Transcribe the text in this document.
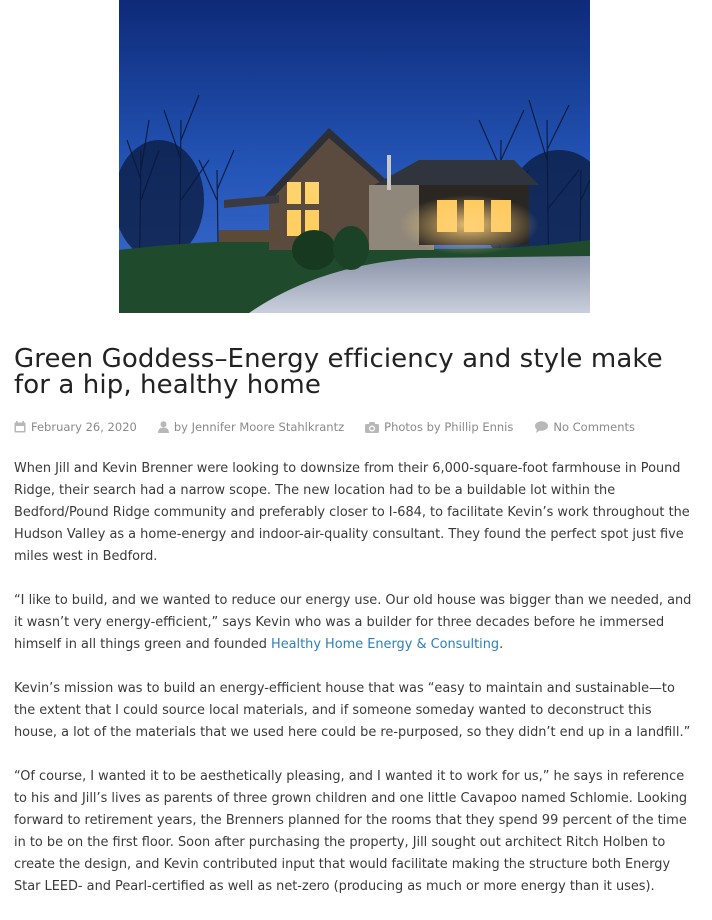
Green Goddess–Energy efficiency and style make for a hip, healthy home
February 26, 2020	by Jennifer Moore Stahlkrantz	Photos by Phillip Ennis	No Comments

When Jill and Kevin Brenner were looking to downsize from their 6,000-square-foot farmhouse in Pound Ridge, their search had a narrow scope. The new location had to be a buildable lot within the Bedford/Pound Ridge community and preferably closer to I-684, to facilitate Kevin’s work throughout the Hudson Valley as a home-energy and indoor-air-quality consultant. They found the perfect spot just five miles west in Bedford.

“I like to build, and we wanted to reduce our energy use. Our old house was bigger than we needed, and it wasn’t very energy-efficient,” says Kevin who was a builder for three decades before he immersed himself in all things green and founded Healthy Home Energy & Consulting.

Kevin’s mission was to build an energy-efficient house that was “easy to maintain and sustainable—to the extent that I could source local materials, and if someone someday wanted to deconstruct this house, a lot of the materials that we used here could be re-purposed, so they didn’t end up in a landfill.”

“Of course, I wanted it to be aesthetically pleasing, and I wanted it to work for us,” he says in reference to his and Jill’s lives as parents of three grown children and one little Cavapoo named Schlomie. Looking forward to retirement years, the Brenners planned for the rooms that they spend 99 percent of the time in to be on the first floor. Soon after purchasing the property, Jill sought out architect Ritch Holben to create the design, and Kevin contributed input that would facilitate making the structure both Energy Star LEED- and Pearl-certified as well as net-zero (producing as much or more energy than it uses).
